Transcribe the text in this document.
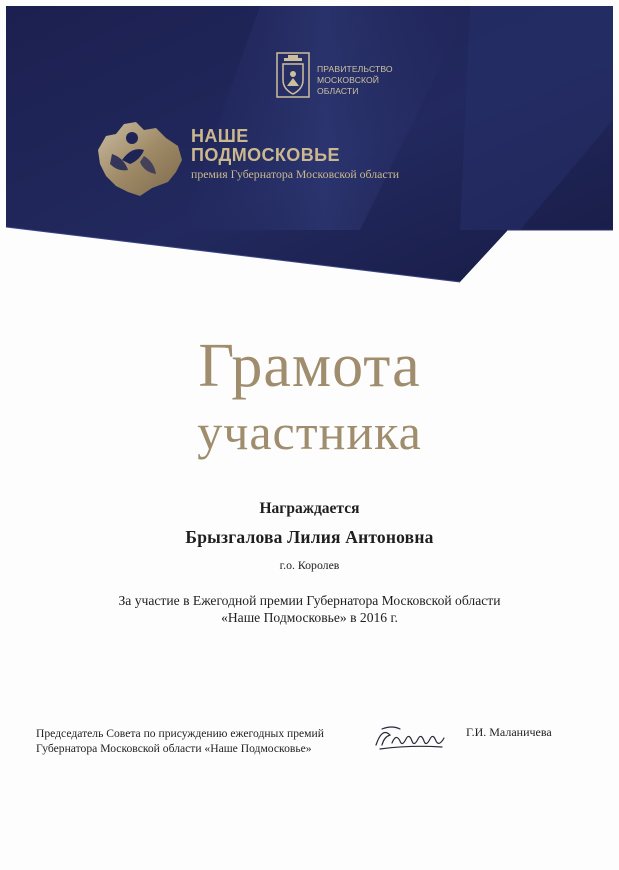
ПРАВИТЕЛЬСТВО
МОСКОВСКОЙ
ОБЛАСТИ
НАШЕ
ПОДМОСКОВЬЕ
премия Губернатора Московской области
Грамота
участника
Награждается
Брызгалова Лилия Антоновна
г.о. Королев
За участие в Ежегодной премии Губернатора Московской области
«Наше Подмосковье» в 2016 г.
Председатель Совета по присуждению ежегодных премий
Губернатора Московской области «Наше Подмосковье»
Г.И. Маланичева
